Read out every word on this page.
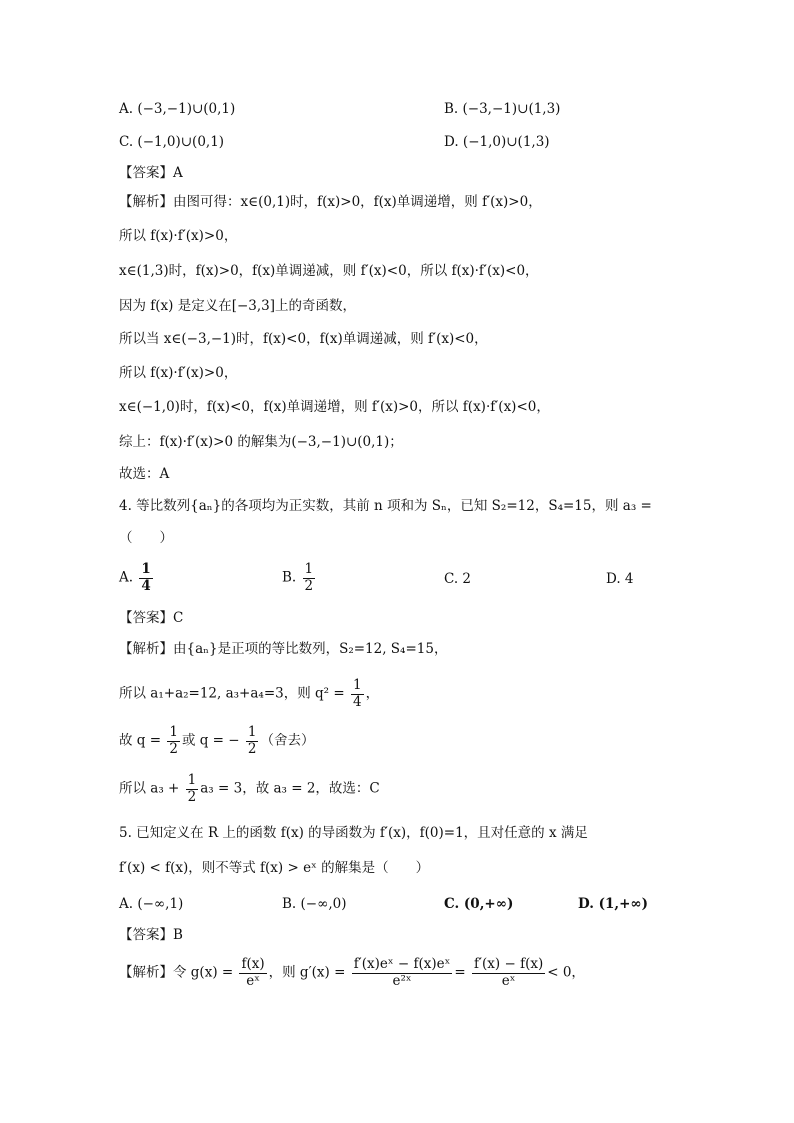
A. (−3,−1)∪(0,1)	B. (−3,−1)∪(1,3)
C. (−1,0)∪(0,1)	D. (−1,0)∪(1,3)
【答案】A
【解析】由图可得：x∈(0,1)时，f(x)>0，f(x)单调递增，则 f′(x)>0，
所以 f(x)·f′(x)>0，
x∈(1,3)时，f(x)>0，f(x)单调递减，则 f′(x)<0，所以 f(x)·f′(x)<0，
因为 f(x) 是定义在[−3,3]上的奇函数，
所以当 x∈(−3,−1)时，f(x)<0，f(x)单调递减，则 f′(x)<0，
所以 f(x)·f′(x)>0，
x∈(−1,0)时，f(x)<0，f(x)单调递增，则 f′(x)>0，所以 f(x)·f′(x)<0，
综上：f(x)·f′(x)>0 的解集为(−3,−1)∪(0,1)；
故选：A
4. 等比数列{aₙ}的各项均为正实数，其前 n 项和为 Sₙ，已知 S₂=12，S₄=15，则 a₃ =
（　　）
A. $\frac{1}{4}$	B. $\frac{1}{2}$	C. 2	D. 4
【答案】C
【解析】由{aₙ}是正项的等比数列，S₂=12, S₄=15，
所以 a₁+a₂=12, a₃+a₄=3，则 $q^2 = \frac{1}{4}$ ，
故 $q = \frac{1}{2}$ 或 q = − $\frac{1}{2}$ （舍去）
所以 $a_3 + \frac{1}{2} a_3 = 3$，故 a₃ = 2，故选：C
5. 已知定义在 R 上的函数 f(x) 的导函数为 f′(x)，f(0)=1，且对任意的 x 满足
f′(x) < f(x)，则不等式 f(x) > eˣ 的解集是（　　）
A. (−∞,1)	B. (−∞,0)	C. (0,+∞)	D. (1,+∞)
【答案】B
【解析】令 $g(x) = \frac{f(x)}{\text{eˣ}}$ ，则 $g'(x) = \frac{\text{f′(x)eˣ − f(x)eˣ}}{\text{e²ˣ}} = \frac{f'(x) - f(x)}{\text{eˣ}} < 0$，
